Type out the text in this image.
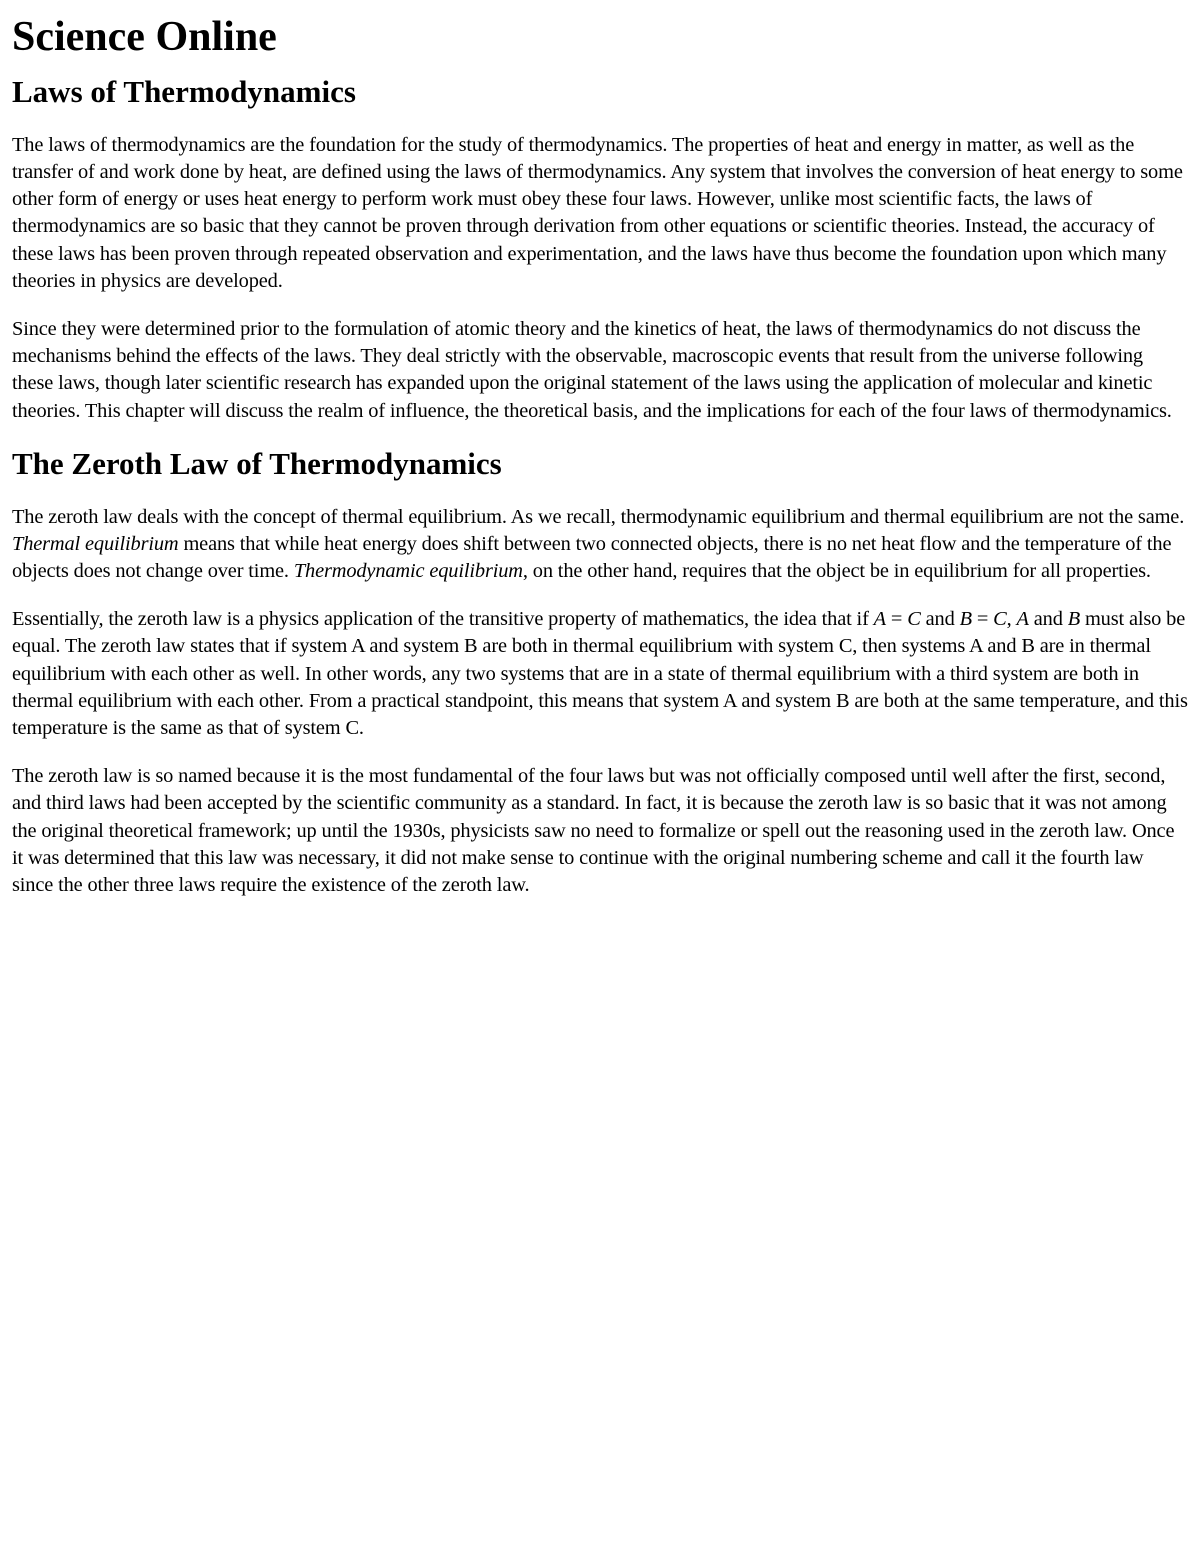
Science Online
Laws of Thermodynamics

The laws of thermodynamics are the foundation for the study of thermodynamics. The properties of heat and energy in matter, as well as the transfer of and work done by heat, are defined using the laws of thermodynamics. Any system that involves the conversion of heat energy to some other form of energy or uses heat energy to perform work must obey these four laws. However, unlike most scientific facts, the laws of thermodynamics are so basic that they cannot be proven through derivation from other equations or scientific theories. Instead, the accuracy of these laws has been proven through repeated observation and experimentation, and the laws have thus become the foundation upon which many theories in physics are developed.

Since they were determined prior to the formulation of atomic theory and the kinetics of heat, the laws of thermodynamics do not discuss the mechanisms behind the effects of the laws. They deal strictly with the observable, macroscopic events that result from the universe following these laws, though later scientific research has expanded upon the original statement of the laws using the application of molecular and kinetic theories. This chapter will discuss the realm of influence, the theoretical basis, and the implications for each of the four laws of thermodynamics.

The Zeroth Law of Thermodynamics

The zeroth law deals with the concept of thermal equilibrium. As we recall, thermodynamic equilibrium and thermal equilibrium are not the same. Thermal equilibrium means that while heat energy does shift between two connected objects, there is no net heat flow and the temperature of the objects does not change over time. Thermodynamic equilibrium, on the other hand, requires that the object be in equilibrium for all properties.

Essentially, the zeroth law is a physics application of the transitive property of mathematics, the idea that if A = C and B = C, A and B must also be equal. The zeroth law states that if system A and system B are both in thermal equilibrium with system C, then systems A and B are in thermal equilibrium with each other as well. In other words, any two systems that are in a state of thermal equilibrium with a third system are both in thermal equilibrium with each other. From a practical standpoint, this means that system A and system B are both at the same temperature, and this temperature is the same as that of system C.

The zeroth law is so named because it is the most fundamental of the four laws but was not officially composed until well after the first, second, and third laws had been accepted by the scientific community as a standard. In fact, it is because the zeroth law is so basic that it was not among the original theoretical framework; up until the 1930s, physicists saw no need to formalize or spell out the reasoning used in the zeroth law. Once it was determined that this law was necessary, it did not make sense to continue with the original numbering scheme and call it the fourth law since the other three laws require the existence of the zeroth law.
